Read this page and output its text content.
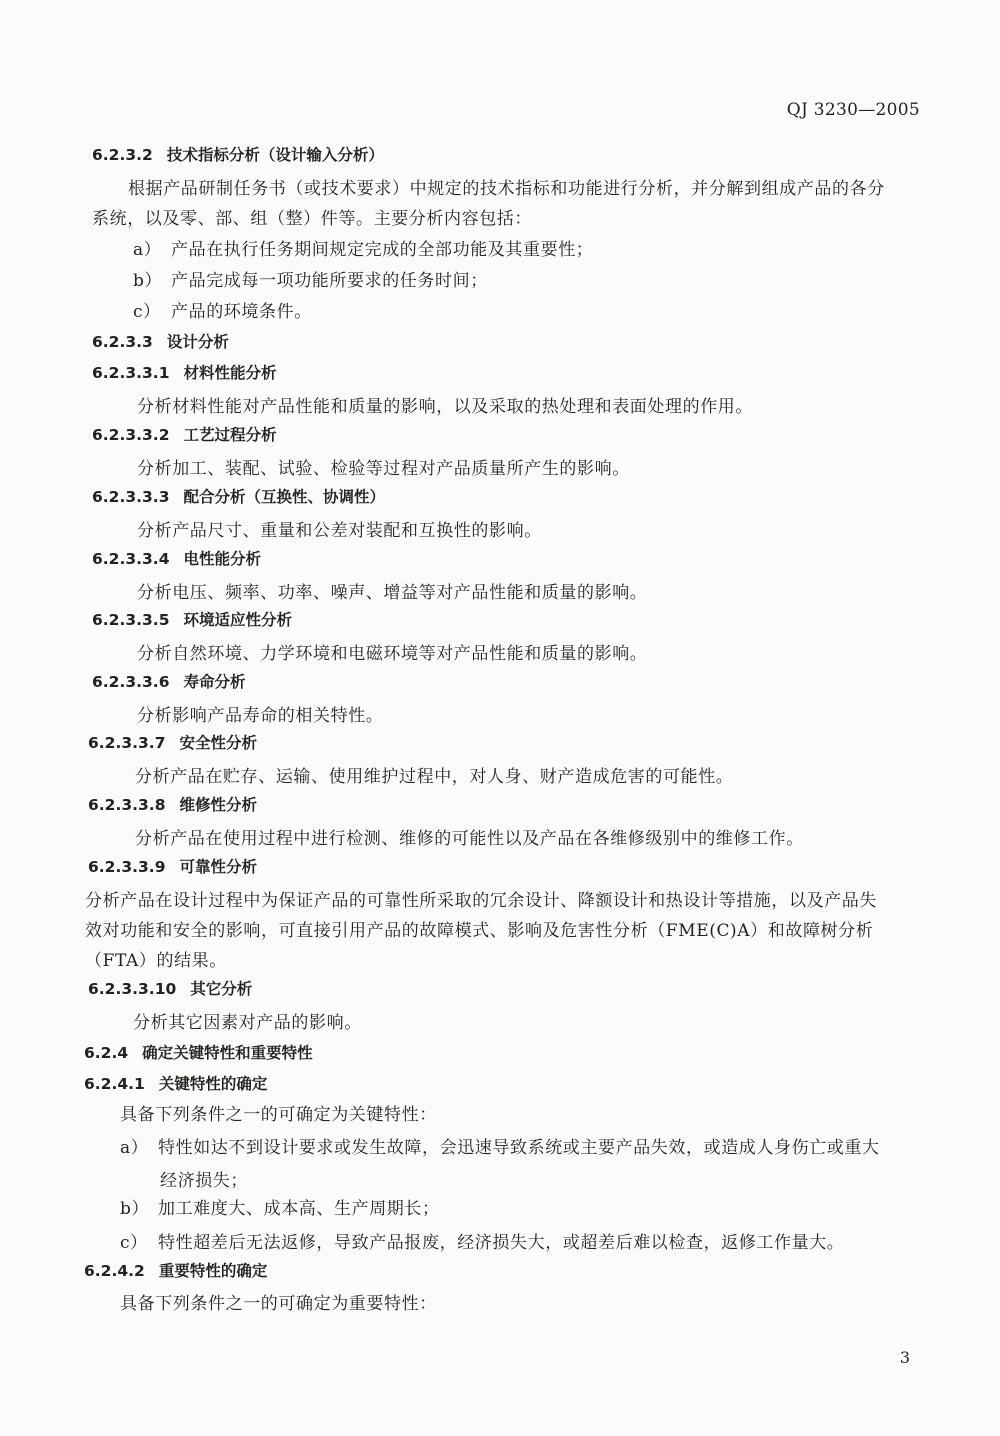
QJ 3230—2005
6.2.3.2 技术指标分析（设计输入分析）
根据产品研制任务书（或技术要求）中规定的技术指标和功能进行分析，并分解到组成产品的各分
系统，以及零、部、组（整）件等。主要分析内容包括：
a） 产品在执行任务期间规定完成的全部功能及其重要性；
b） 产品完成每一项功能所要求的任务时间；
c） 产品的环境条件。
6.2.3.3 设计分析
6.2.3.3.1 材料性能分析
分析材料性能对产品性能和质量的影响，以及采取的热处理和表面处理的作用。
6.2.3.3.2 工艺过程分析
分析加工、装配、试验、检验等过程对产品质量所产生的影响。
6.2.3.3.3 配合分析（互换性、协调性）
分析产品尺寸、重量和公差对装配和互换性的影响。
6.2.3.3.4 电性能分析
分析电压、频率、功率、噪声、增益等对产品性能和质量的影响。
6.2.3.3.5 环境适应性分析
分析自然环境、力学环境和电磁环境等对产品性能和质量的影响。
6.2.3.3.6 寿命分析
分析影响产品寿命的相关特性。
6.2.3.3.7 安全性分析
分析产品在贮存、运输、使用维护过程中，对人身、财产造成危害的可能性。
6.2.3.3.8 维修性分析
分析产品在使用过程中进行检测、维修的可能性以及产品在各维修级别中的维修工作。
6.2.3.3.9 可靠性分析
分析产品在设计过程中为保证产品的可靠性所采取的冗余设计、降额设计和热设计等措施，以及产品失
效对功能和安全的影响，可直接引用产品的故障模式、影响及危害性分析（FME(C)A）和故障树分析
（FTA）的结果。
6.2.3.3.10 其它分析
分析其它因素对产品的影响。
6.2.4 确定关键特性和重要特性
6.2.4.1 关键特性的确定
具备下列条件之一的可确定为关键特性：
a） 特性如达不到设计要求或发生故障，会迅速导致系统或主要产品失效，或造成人身伤亡或重大
经济损失；
b） 加工难度大、成本高、生产周期长；
c） 特性超差后无法返修，导致产品报废，经济损失大，或超差后难以检查，返修工作量大。
6.2.4.2 重要特性的确定
具备下列条件之一的可确定为重要特性：
3
